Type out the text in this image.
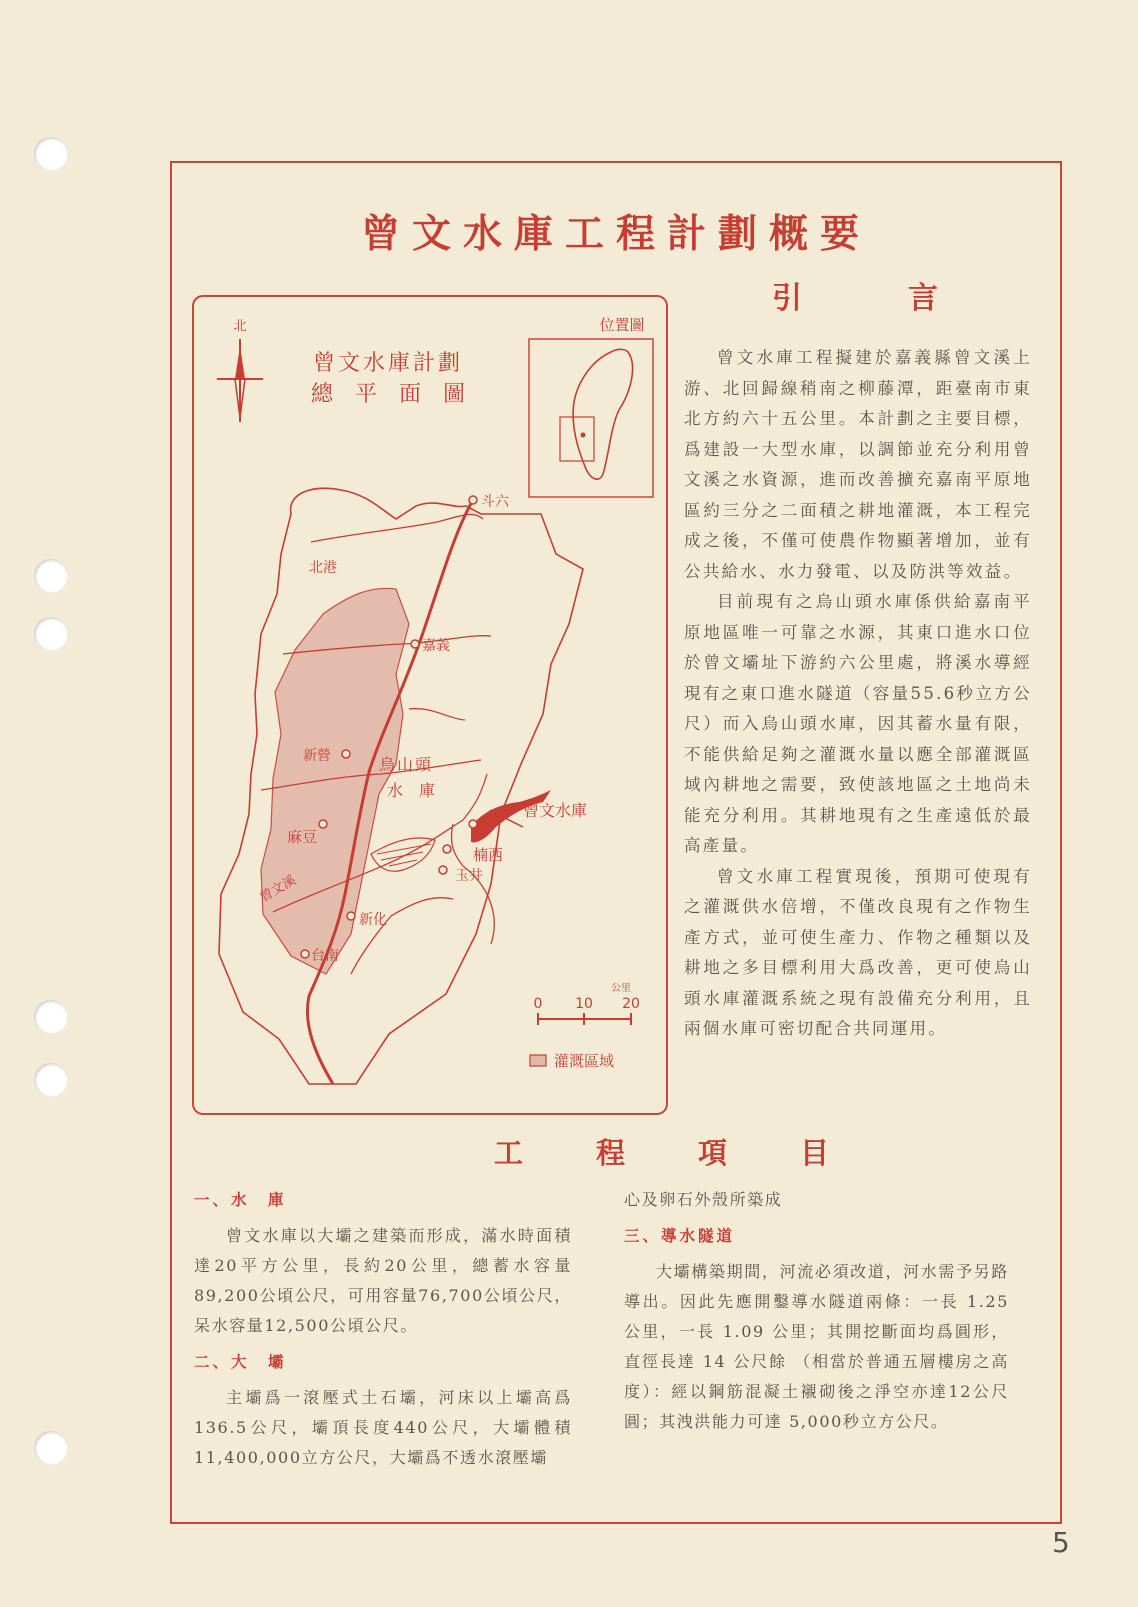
曾文水庫工程計劃概要
北
曾文水庫計劃
總　平　面　圖
位置圖
斗六
北港
嘉義
新營	烏山頭
水　庫
曾文水庫
楠西
麻豆
曾文溪	玉井
新化
台南
公里
0 10 20
灌溉區域
引　言

曾文水庫工程擬建於嘉義縣曾文溪上游、北回歸線稍南之柳藤潭，距臺南市東北方約六十五公里。本計劃之主要目標，爲建設一大型水庫，以調節並充分利用曾文溪之水資源，進而改善擴充嘉南平原地區約三分之二面積之耕地灌溉，本工程完成之後，不僅可使農作物顯著增加，並有公共給水、水力發電、以及防洪等效益。

目前現有之烏山頭水庫係供給嘉南平原地區唯一可靠之水源，其東口進水口位於曾文壩址下游約六公里處，將溪水導經現有之東口進水隧道（容量55.6秒立方公尺）而入烏山頭水庫，因其蓄水量有限，不能供給足夠之灌溉水量以應全部灌溉區域內耕地之需要，致使該地區之土地尚未能充分利用。其耕地現有之生產遠低於最高產量。

曾文水庫工程實現後，預期可使現有之灌溉供水倍增，不僅改良現有之作物生產方式，並可使生產力、作物之種類以及耕地之多目標利用大爲改善，更可使烏山頭水庫灌溉系統之現有設備充分利用，且兩個水庫可密切配合共同運用。

工　程　項　目
一、水　庫

曾文水庫以大壩之建築而形成，滿水時面積達20平方公里，長約20公里，總蓄水容量89,200公頃公尺，可用容量76,700公頃公尺，呆水容量12,500公頃公尺。

二、大　壩

主壩爲一滾壓式土石壩，河床以上壩高爲136.5公尺，壩頂長度440公尺，大壩體積11,400,000立方公尺，大壩爲不透水滾壓壩

心及卵石外殼所築成

三、導水隧道

大壩構築期間，河流必須改道，河水需予另路導出。因此先應開鑿導水隧道兩條：一長 1.25 公里，一長 1.09 公里；其開挖斷面均爲圓形，直徑長達 14 公尺餘 （相當於普通五層樓房之高度）：經以鋼筋混凝土襯砌後之淨空亦達12公尺圓；其洩洪能力可達 5,000秒立方公尺。

5
